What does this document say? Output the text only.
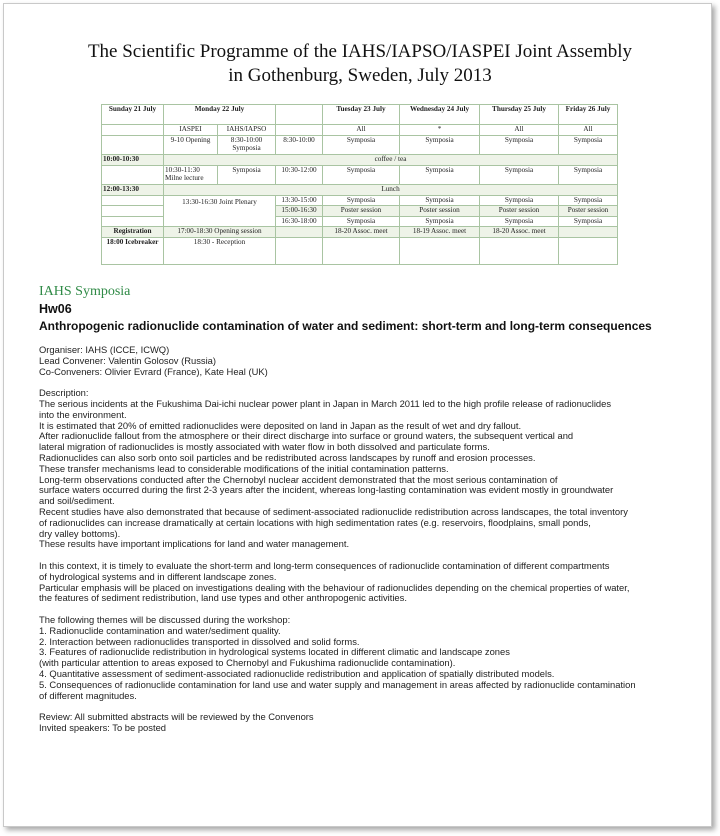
The Scientific Programme of the IAHS/IAPSO/IASPEI Joint Assembly
in Gothenburg, Sweden, July 2013
Sunday 21 July	Monday 22 July			Tuesday 23 July	Wednesday 24 July	Thursday 25 July	Friday 26 July
	IASPEI	IAHS/IAPSO		All	*	All	All
	9-10 Opening	8:30-10:00 Symposia	8:30-10:00	Symposia	Symposia	Symposia	Symposia
10:00-10:30	coffee / tea						
	10:30-11:30 Milne lecture	Symposia	10:30-12:00	Symposia	Symposia	Symposia	Symposia
12:00-13:30	Lunch						
	13:30-16:30 Joint Plenary		13:30-15:00	Symposia	Symposia	Symposia	Symposia
			15:00-16:30	Poster session	Poster session	Poster session	Poster session
			16:30-18:00	Symposia	Symposia	Symposia	Symposia
Registration	17:00-18:30 Opening session			18-20 Assoc. meet	18-19 Assoc. meet	18-20 Assoc. meet	
18:00 Icebreaker	18:30 - Reception						
IAHS Symposia
Hw06
Anthropogenic radionuclide contamination of water and sediment: short-term and long-term consequences
Organiser: IAHS (ICCE, ICWQ)
Lead Convener: Valentin Golosov (Russia)
Co-Conveners: Olivier Evrard (France), Kate Heal (UK)
Description:
The serious incidents at the Fukushima Dai-ichi nuclear power plant in Japan in March 2011 led to the high profile release of radionuclides
into the environment.
It is estimated that 20% of emitted radionuclides were deposited on land in Japan as the result of wet and dry fallout.
After radionuclide fallout from the atmosphere or their direct discharge into surface or ground waters, the subsequent vertical and
lateral migration of radionuclides is mostly associated with water flow in both dissolved and particulate forms.
Radionuclides can also sorb onto soil particles and be redistributed across landscapes by runoff and erosion processes.
These transfer mechanisms lead to considerable modifications of the initial contamination patterns.
Long-term observations conducted after the Chernobyl nuclear accident demonstrated that the most serious contamination of
surface waters occurred during the first 2-3 years after the incident, whereas long-lasting contamination was evident mostly in groundwater
and soil/sediment.
Recent studies have also demonstrated that because of sediment-associated radionuclide redistribution across landscapes, the total inventory
of radionuclides can increase dramatically at certain locations with high sedimentation rates (e.g. reservoirs, floodplains, small ponds,
dry valley bottoms).
These results have important implications for land and water management.
In this context, it is timely to evaluate the short-term and long-term consequences of radionuclide contamination of different compartments
of hydrological systems and in different landscape zones.
Particular emphasis will be placed on investigations dealing with the behaviour of radionuclides depending on the chemical properties of water,
the features of sediment redistribution, land use types and other anthropogenic activities.
The following themes will be discussed during the workshop:
1. Radionuclide contamination and water/sediment quality.
2. Interaction between radionuclides transported in dissolved and solid forms.
3. Features of radionuclide redistribution in hydrological systems located in different climatic and landscape zones
(with particular attention to areas exposed to Chernobyl and Fukushima radionuclide contamination).
4. Quantitative assessment of sediment-associated radionuclide redistribution and application of spatially distributed models.
5. Consequences of radionuclide contamination for land use and water supply and management in areas affected by radionuclide contamination
of different magnitudes.
Review: All submitted abstracts will be reviewed by the Convenors
Invited speakers: To be posted
